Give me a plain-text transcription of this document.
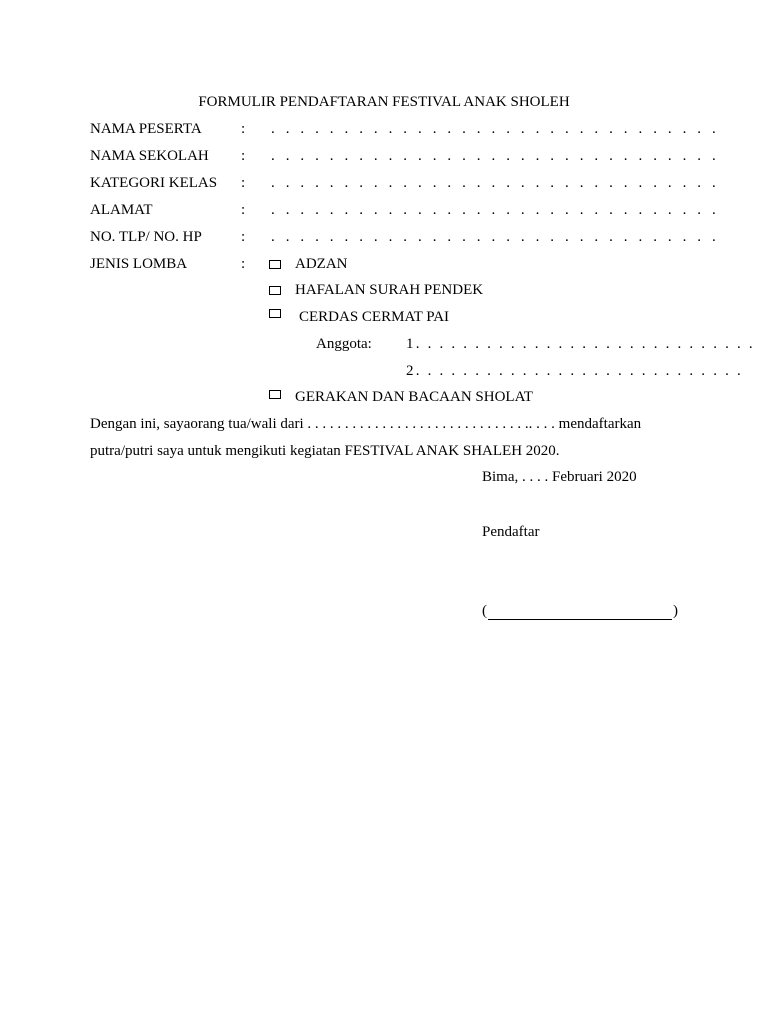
FORMULIR PENDAFTARAN FESTIVAL ANAK SHOLEH
NAMA PESERTA	: . . . . . . . . . . . . . . . . . . . . . . . . . . . . . . .
NAMA SEKOLAH : . . . . . . . . . . . . . . . . . . . . . . . . . . . . . . .
KATEGORI KELAS : . . . . . . . . . . . . . . . . . . . . . . . . . . . . . . .
ALAMAT	: . . . . . . . . . . . . . . . . . . . . . . . . . . . . . . .
NO. TLP/ NO. HP	: . . . . . . . . . . . . . . . . . . . . . . . . . . . . . . .
JENIS LOMBA	:	ADZAN
HAFALAN SURAH PENDEK
CERDAS CERMAT PAI
Anggota: 1. . . . . . . . . . . . . . . . . . . . . . . . . . . . .
2. . . . . . . . . . . . . . . . . . . . . . . . . . . .
GERAKAN DAN BACAAN SHOLAT
Dengan ini, sayaorang tua/wali dari . . . . . . . . . . . . . . . . . . . . . . . . . . . . . .. . . . mendaftarkan
putra/putri saya untuk mengikuti kegiatan FESTIVAL ANAK SHALEH 2020.
Bima, . . . . Februari 2020
Pendaftar
(	)
